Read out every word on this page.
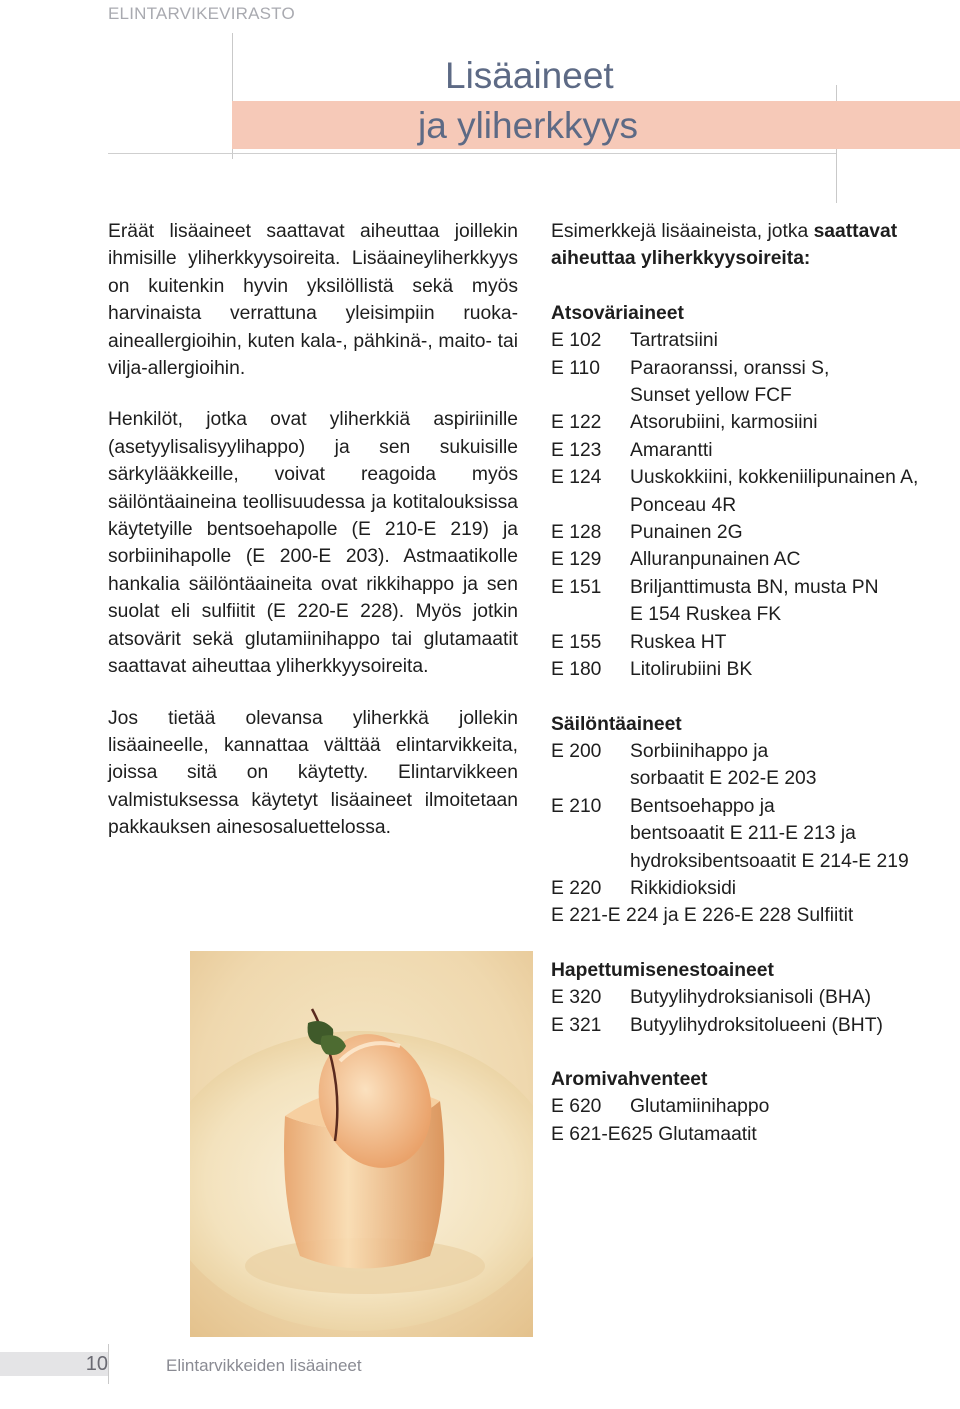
ELINTARVIKEVIRASTO
Lisäaineet
ja yliherkkyys

Eräät lisäaineet saattavat aiheuttaa joillekin ihmisille yliherkkyysoireita. Lisäaineyliherkkyys on kuitenkin hyvin yksilöllistä sekä myös harvinaista verrattuna yleisimpiin ruoka-aineallergioihin, kuten kala-, pähkinä-, maito- tai vilja-allergioihin.

Henkilöt, jotka ovat yliherkkiä aspiriinille (asetyylisalisyylihappo) ja sen sukuisille särkylääkkeille, voivat reagoida myös säilöntäaineina teollisuudessa ja kotitalouksissa käytetyille bentsoehapolle (E 210-E 219) ja sorbiinihapolle (E 200-E 203). Astmaatikolle hankalia säilöntäaineita ovat rikkihappo ja sen suolat eli sulfiitit (E 220-E 228). Myös jotkin atsovärit sekä glutamiinihappo tai glutamaatit saattavat aiheuttaa yliherkkyysoireita.

Jos tietää olevansa yliherkkä jollekin lisäaineelle, kannattaa välttää elintarvikkeita, joissa sitä on käytetty. Elintarvikkeen valmistuksessa käytetyt lisäaineet ilmoitetaan pakkauksen ainesosaluettelossa.

Esimerkkejä lisäaineista, jotka saattavat aiheuttaa yliherkkyysoireita:

Atsoväriaineet
E 102	Tartratsiini
E 110	Paraoranssi, oranssi S,
Sunset yellow FCF
E 122	Atsorubiini, karmosiini
E 123	Amarantti
E 124	Uuskokkiini, kokkeniilipunainen A,
Ponceau 4R
E 128	Punainen 2G
E 129	Alluranpunainen AC
E 151	Briljanttimusta BN, musta PN
E 154 Ruskea FK
E 155	Ruskea HT
E 180	Litolirubiini BK
Säilöntäaineet
E 200	Sorbiinihappo ja
sorbaatit E 202-E 203
E 210	Bentsoehappo ja
bentsoaatit E 211-E 213 ja
hydroksibentsoaatit E 214-E 219
E 220	Rikkidioksidi
E 221-E 224 ja E 226-E 228 Sulfiitit
Hapettumisenestoaineet
E 320	Butyylihydroksianisoli (BHA)
E 321	Butyylihydroksitolueeni (BHT)
Aromivahventeet
E 620	Glutamiinihappo
E 621-E625 Glutamaatit
10	Elintarvikkeiden lisäaineet
